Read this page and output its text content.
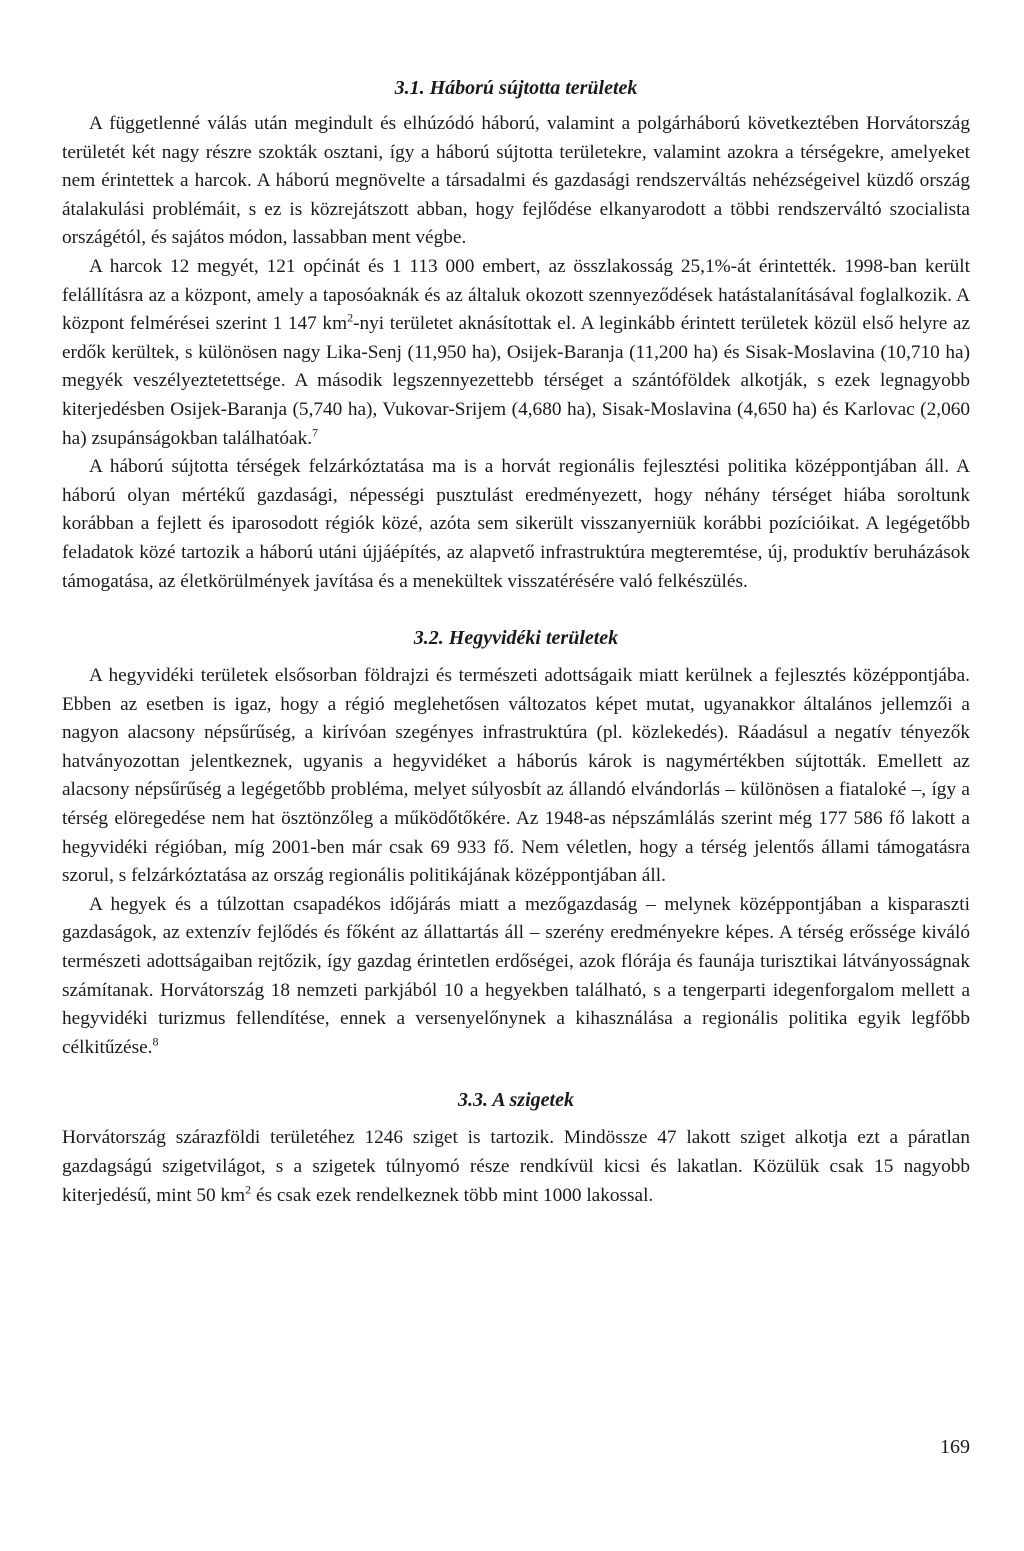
3.1. Háború sújtotta területek

A függetlenné válás után megindult és elhúzódó háború, valamint a polgárháború következtében Horvátország területét két nagy részre szokták osztani, így a háború sújtotta területekre, valamint azokra a térségekre, amelyeket nem érintettek a harcok. A háború megnövelte a társadalmi és gazdasági rendszerváltás nehézségeivel küzdő ország átalakulási problémáit, s ez is közrejátszott abban, hogy fejlődése elkanyarodott a többi rendszerváltó szocialista országétól, és sajátos módon, lassabban ment végbe.

A harcok 12 megyét, 121 općinát és 1 113 000 embert, az összlakosság 25,1%-át érintették. 1998-ban került felállításra az a központ, amely a taposóaknák és az általuk okozott szennyeződések hatástalanításával foglalkozik. A központ felmérései szerint 1 147 $km^2$-nyi területet aknásítottak el. A leginkább érintett területek közül első helyre az erdők kerültek, s különösen nagy Lika-Senj (11,950 ha), Osijek-Baranja (11,200 ha) és Sisak-Moslavina (10,710 ha) megyék veszélyeztetettsége. A második legszennyezettebb térséget a szántóföldek alkotják, s ezek legnagyobb kiterjedésben Osijek-Baranja (5,740 ha), Vukovar-Srijem (4,680 ha), Sisak-Moslavina (4,650 ha) és Karlovac (2,060 ha) zsupánságokban találhatóak.$^7$

A háború sújtotta térségek felzárkóztatása ma is a horvát regionális fejlesztési politika középpontjában áll. A háború olyan mértékű gazdasági, népességi pusztulást eredményezett, hogy néhány térséget hiába soroltunk korábban a fejlett és iparosodott régiók közé, azóta sem sikerült visszanyerniük korábbi pozícióikat. A legégetőbb feladatok közé tartozik a háború utáni újjáépítés, az alapvető infrastruktúra megteremtése, új, produktív beruházások támogatása, az életkörülmények javítása és a menekültek visszatérésére való felkészülés.

3.2. Hegyvidéki területek

A hegyvidéki területek elsősorban földrajzi és természeti adottságaik miatt kerülnek a fejlesztés középpontjába. Ebben az esetben is igaz, hogy a régió meglehetősen változatos képet mutat, ugyanakkor általános jellemzői a nagyon alacsony népsűrűség, a kirívóan szegényes infrastruktúra (pl. közlekedés). Ráadásul a negatív tényezők hatványozottan jelentkeznek, ugyanis a hegyvidéket a háborús károk is nagymértékben sújtották. Emellett az alacsony népsűrűség a legégetőbb probléma, melyet súlyosbít az állandó elvándorlás – különösen a fiataloké –, így a térség elöregedése nem hat ösztönzőleg a működőtőkére. Az 1948-as népszámlálás szerint még 177 586 fő lakott a hegyvidéki régióban, míg 2001-ben már csak 69 933 fő. Nem véletlen, hogy a térség jelentős állami támogatásra szorul, s felzárkóztatása az ország regionális politikájának középpontjában áll.

A hegyek és a túlzottan csapadékos időjárás miatt a mezőgazdaság – melynek középpontjában a kisparaszti gazdaságok, az extenzív fejlődés és főként az állattartás áll – szerény eredményekre képes. A térség erőssége kiváló természeti adottságaiban rejtőzik, így gazdag érintetlen erdőségei, azok flórája és faunája turisztikai látványosságnak számítanak. Horvátország 18 nemzeti parkjából 10 a hegyekben található, s a tengerparti idegenforgalom mellett a hegyvidéki turizmus fellendítése, ennek a versenyelőnynek a kihasználása a regionális politika egyik legfőbb célkitűzése.$^8$

3.3. A szigetek

Horvátország szárazföldi területéhez 1246 sziget is tartozik. Mindössze 47 lakott sziget alkotja ezt a páratlan gazdagságú szigetvilágot, s a szigetek túlnyomó része rendkívül kicsi és lakatlan. Közülük csak 15 nagyobb kiterjedésű, mint 50 $km^2$ és csak ezek rendelkeznek több mint 1000 lakossal.

169
